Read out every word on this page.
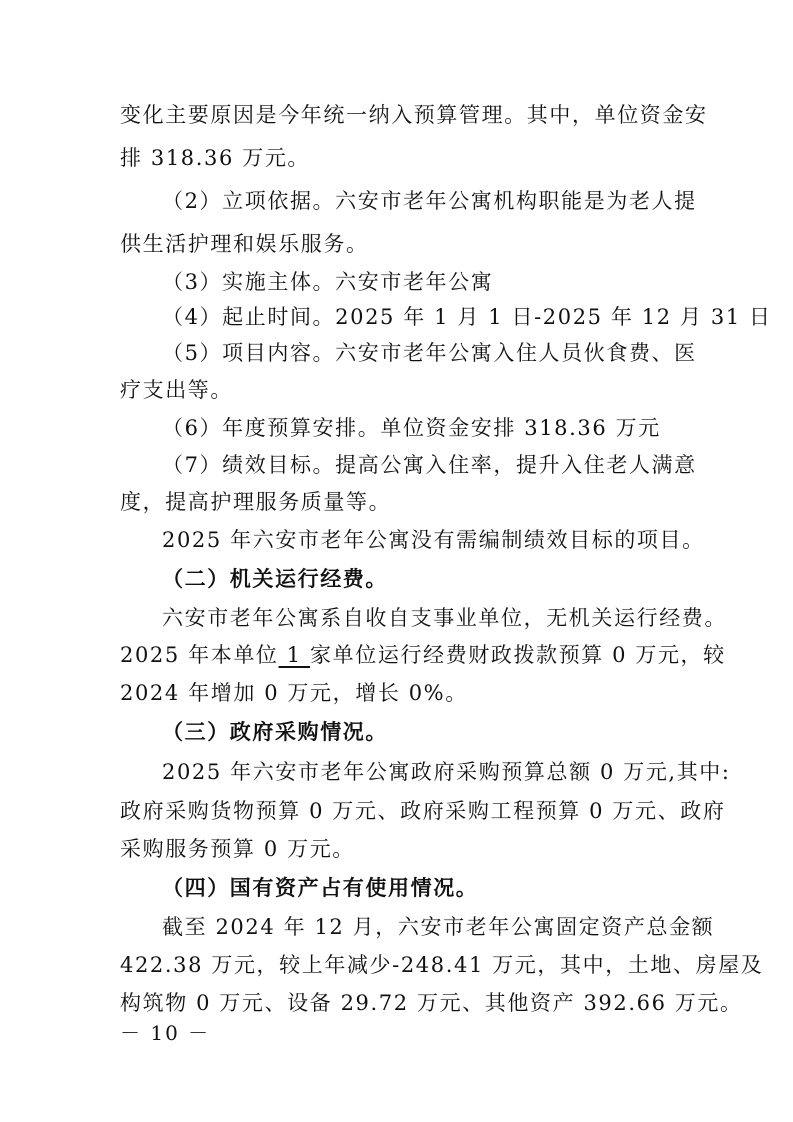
变化主要原因是今年统一纳入预算管理。其中，单位资金安
排 318.36 万元。
（2）立项依据。六安市老年公寓机构职能是为老人提
供生活护理和娱乐服务。
（3）实施主体。六安市老年公寓
（4）起止时间。2025 年 1 月 1 日-2025 年 12 月 31 日
（5）项目内容。六安市老年公寓入住人员伙食费、医
疗支出等。
（6）年度预算安排。单位资金安排 318.36 万元
（7）绩效目标。提高公寓入住率，提升入住老人满意
度，提高护理服务质量等。
2025 年六安市老年公寓没有需编制绩效目标的项目。
（二）机关运行经费。
六安市老年公寓系自收自支事业单位，无机关运行经费。
2025 年本单位 1 家单位运行经费财政拨款预算 0 万元，较
2024 年增加 0 万元，增长 0%。
（三）政府采购情况。
2025 年六安市老年公寓政府采购预算总额 0 万元,其中:
政府采购货物预算 0 万元、政府采购工程预算 0 万元、政府
采购服务预算 0 万元。
（四）国有资产占有使用情况。
截至 2024 年 12 月，六安市老年公寓固定资产总金额
422.38 万元，较上年减少-248.41 万元，其中，土地、房屋及
构筑物 0 万元、设备 29.72 万元、其他资产 392.66 万元。
－ 10 －
